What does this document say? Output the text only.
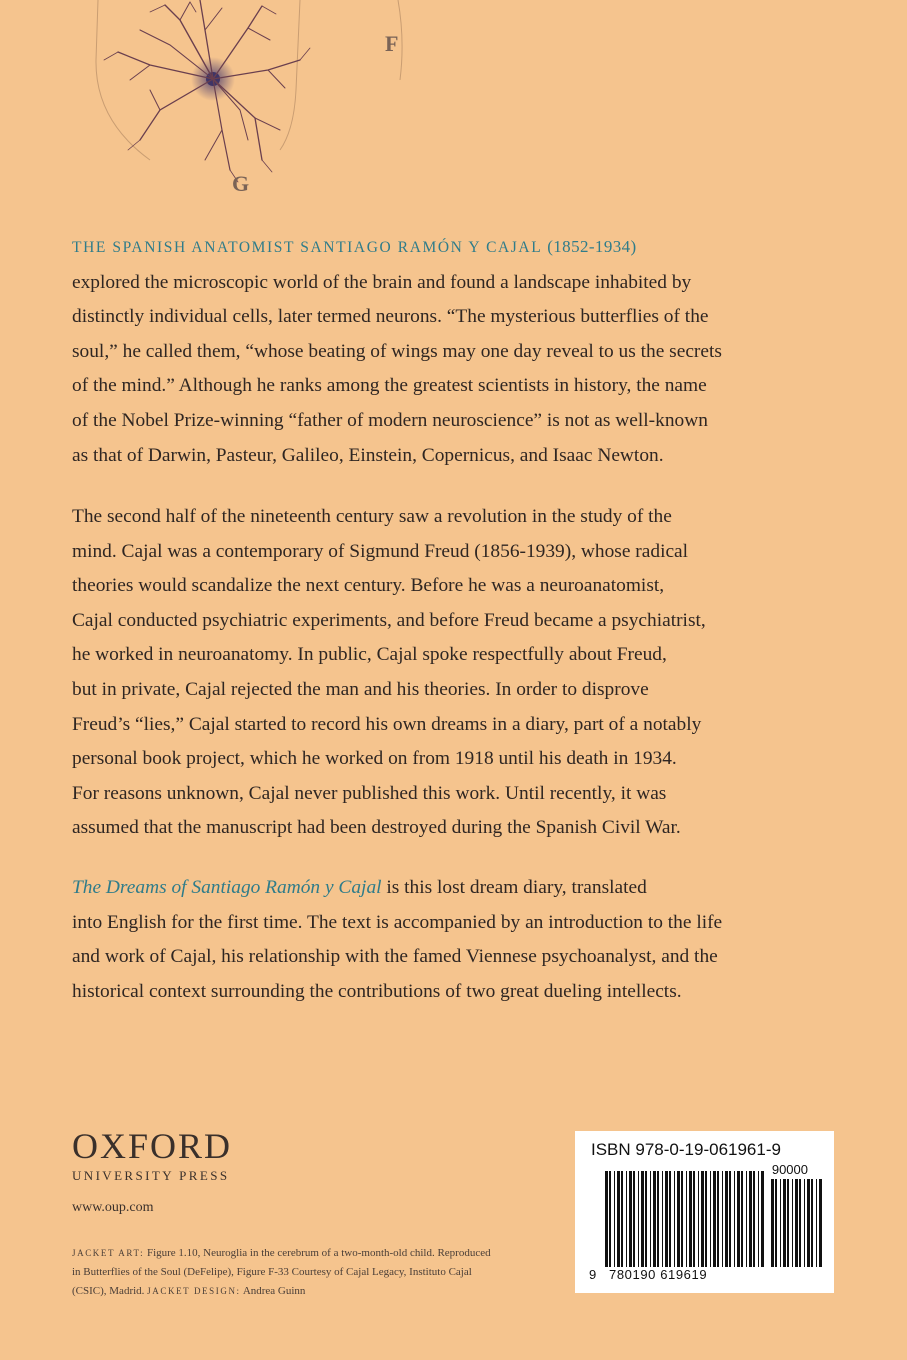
F
G
THE SPANISH ANATOMIST SANTIAGO RAMÓN Y CAJAL (1852-1934)
explored the microscopic world of the brain and found a landscape inhabited by
distinctly individual cells, later termed neurons. “The mysterious butterflies of the
soul,” he called them, “whose beating of wings may one day reveal to us the secrets
of the mind.” Although he ranks among the greatest scientists in history, the name
of the Nobel Prize-winning “father of modern neuroscience” is not as well-known
as that of Darwin, Pasteur, Galileo, Einstein, Copernicus, and Isaac Newton.
The second half of the nineteenth century saw a revolution in the study of the
mind. Cajal was a contemporary of Sigmund Freud (1856-1939), whose radical
theories would scandalize the next century. Before he was a neuroanatomist,
Cajal conducted psychiatric experiments, and before Freud became a psychiatrist,
he worked in neuroanatomy. In public, Cajal spoke respectfully about Freud,
but in private, Cajal rejected the man and his theories. In order to disprove
Freud’s “lies,” Cajal started to record his own dreams in a diary, part of a notably
personal book project, which he worked on from 1918 until his death in 1934.
For reasons unknown, Cajal never published this work. Until recently, it was
assumed that the manuscript had been destroyed during the Spanish Civil War.
The Dreams of Santiago Ramón y Cajal is this lost dream diary, translated
into English for the first time. The text is accompanied by an introduction to the life
and work of Cajal, his relationship with the famed Viennese psychoanalyst, and the
historical context surrounding the contributions of two great dueling intellects.
OXFORD
UNIVERSITY PRESS
www.oup.com
JACKET ART: Figure 1.10, Neuroglia in the cerebrum of a two-month-old child. Reproduced in Butterflies of the Soul (DeFelipe), Figure F-33 Courtesy of Cajal Legacy, Instituto Cajal (CSIC), Madrid. JACKET DESIGN: Andrea Guinn
ISBN 978-0-19-061961-9
90000
9 780190 619619
